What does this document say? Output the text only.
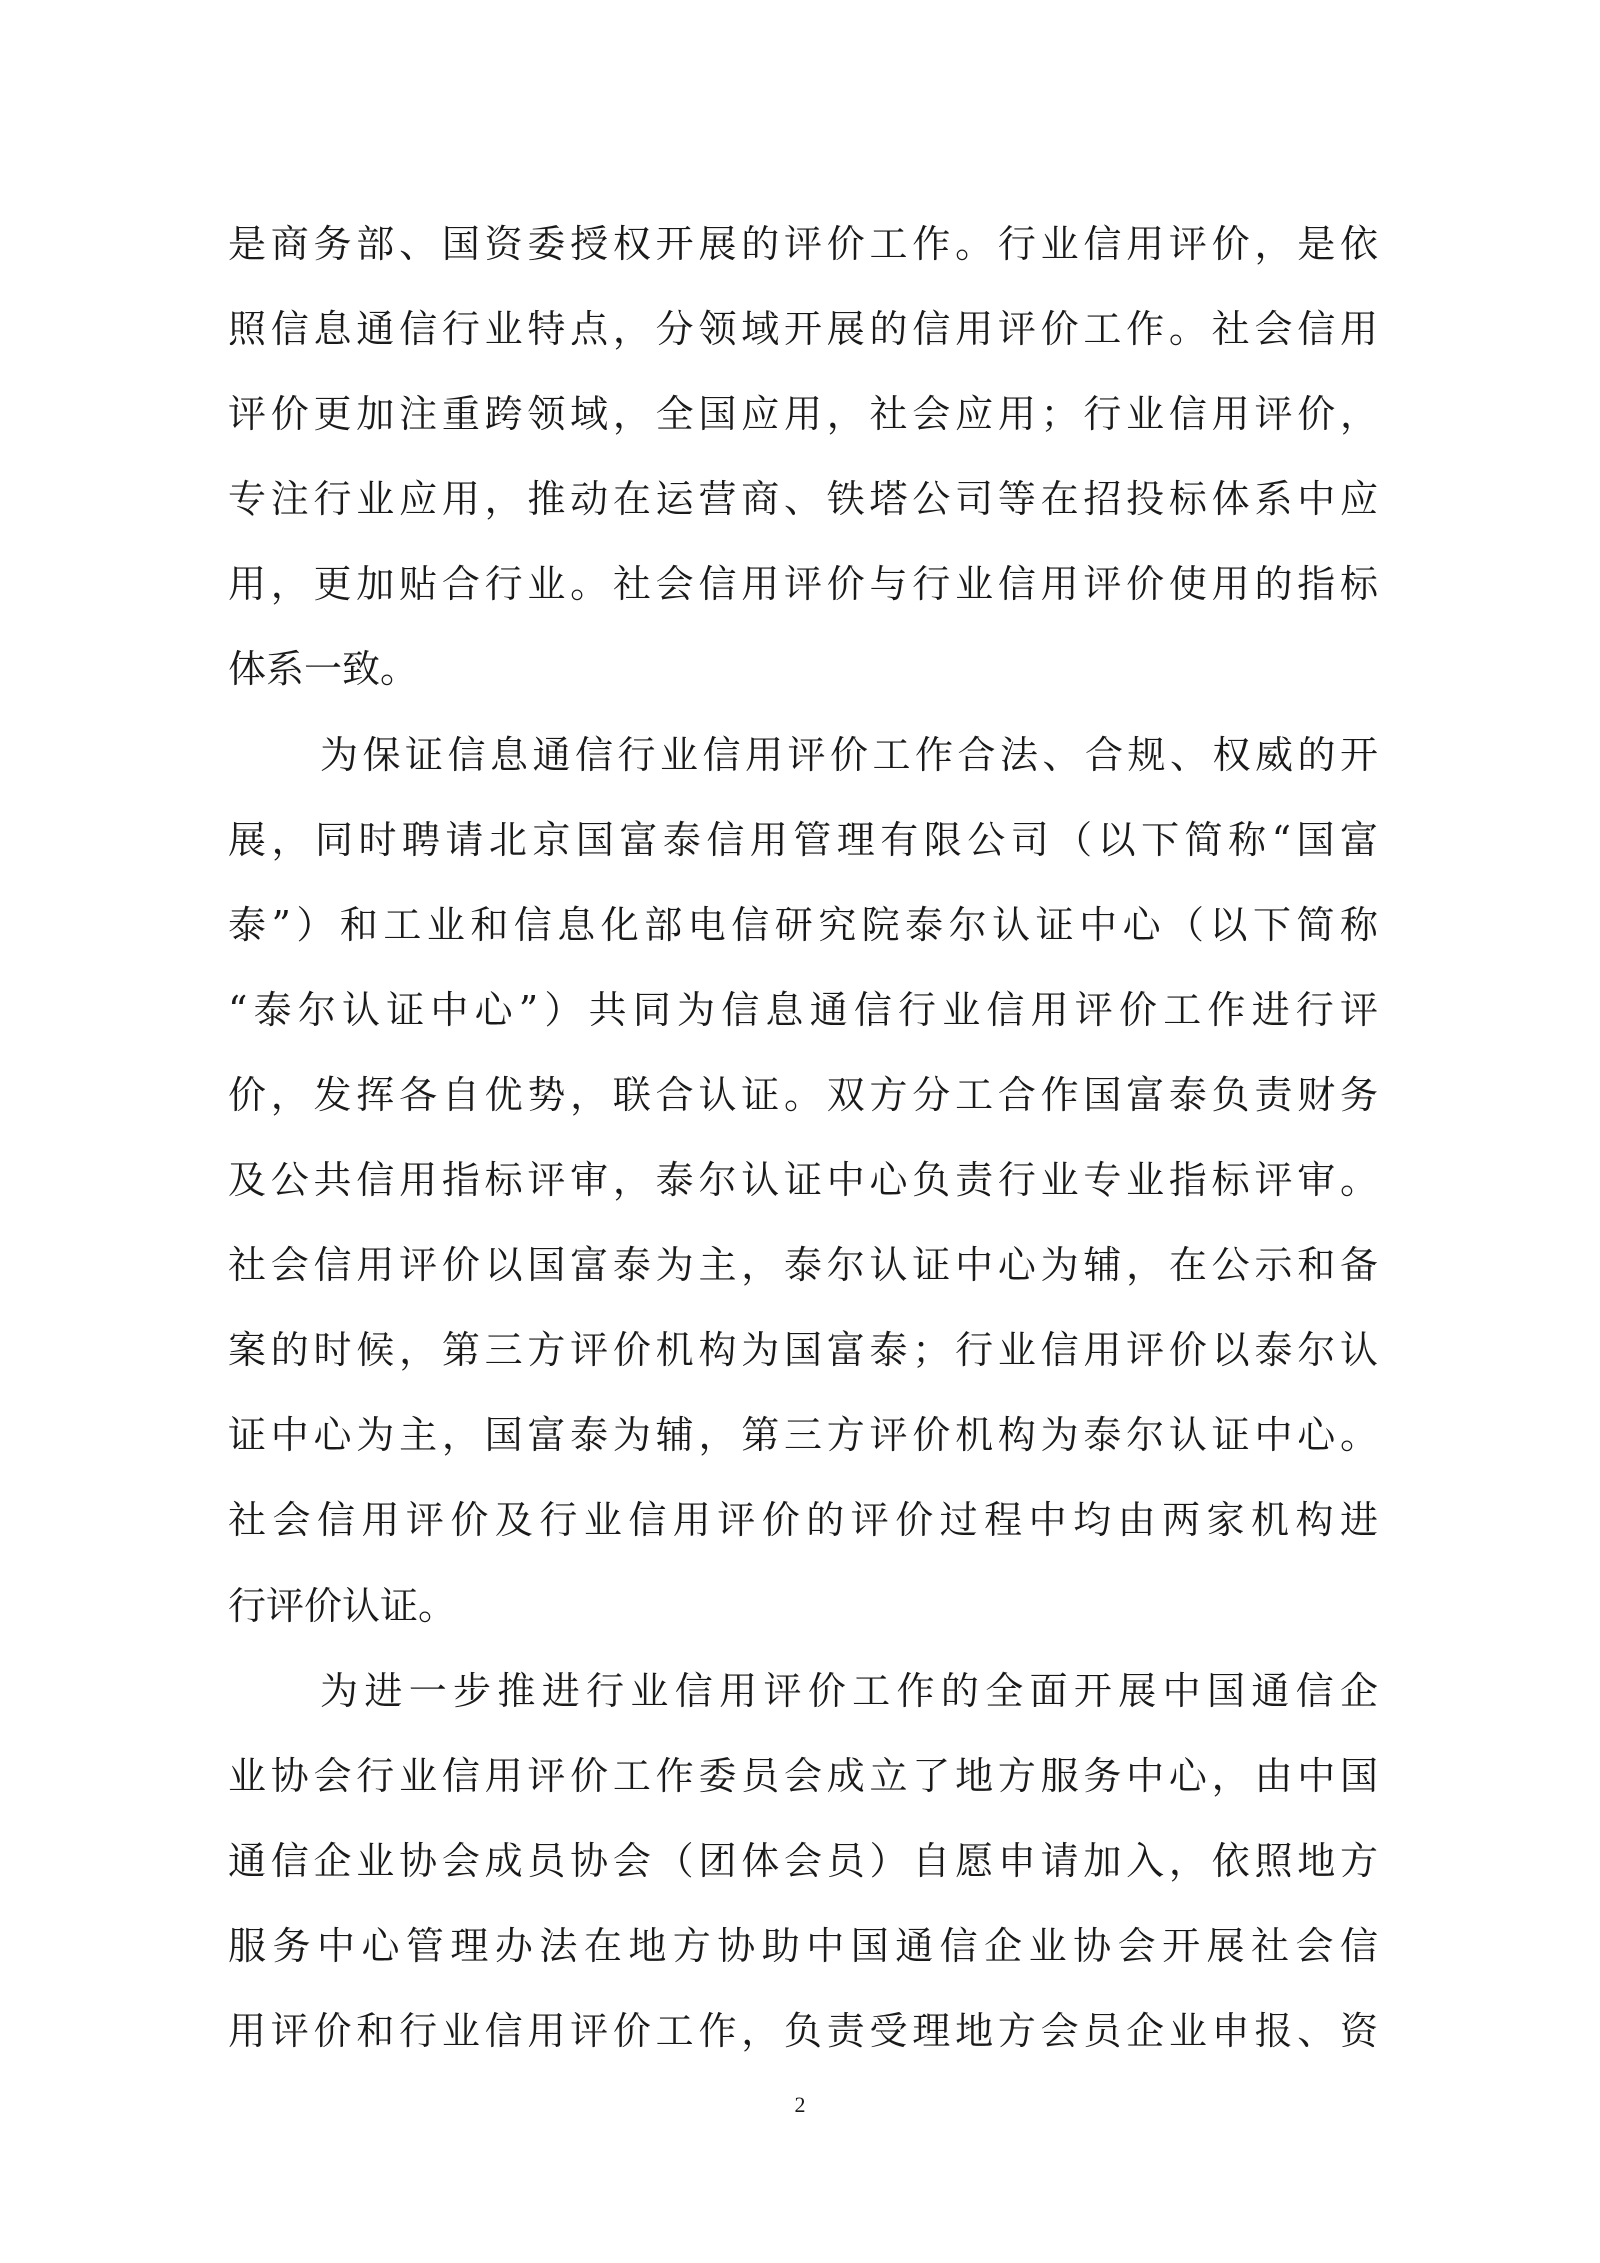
是商务部、国资委授权开展的评价工作。行业信用评价，是依
照信息通信行业特点，分领域开展的信用评价工作。社会信用
评价更加注重跨领域，全国应用，社会应用；行业信用评价，
专注行业应用，推动在运营商、铁塔公司等在招投标体系中应
用，更加贴合行业。社会信用评价与行业信用评价使用的指标
体系一致。
为保证信息通信行业信用评价工作合法、合规、权威的开
展，同时聘请北京国富泰信用管理有限公司（以下简称“国富
泰”）和工业和信息化部电信研究院泰尔认证中心（以下简称
“泰尔认证中心”）共同为信息通信行业信用评价工作进行评
价，发挥各自优势，联合认证。双方分工合作国富泰负责财务
及公共信用指标评审，泰尔认证中心负责行业专业指标评审。
社会信用评价以国富泰为主，泰尔认证中心为辅，在公示和备
案的时候，第三方评价机构为国富泰；行业信用评价以泰尔认
证中心为主，国富泰为辅，第三方评价机构为泰尔认证中心。
社会信用评价及行业信用评价的评价过程中均由两家机构进
行评价认证。
为进一步推进行业信用评价工作的全面开展中国通信企
业协会行业信用评价工作委员会成立了地方服务中心，由中国
通信企业协会成员协会（团体会员）自愿申请加入，依照地方
服务中心管理办法在地方协助中国通信企业协会开展社会信
用评价和行业信用评价工作，负责受理地方会员企业申报、资
2
